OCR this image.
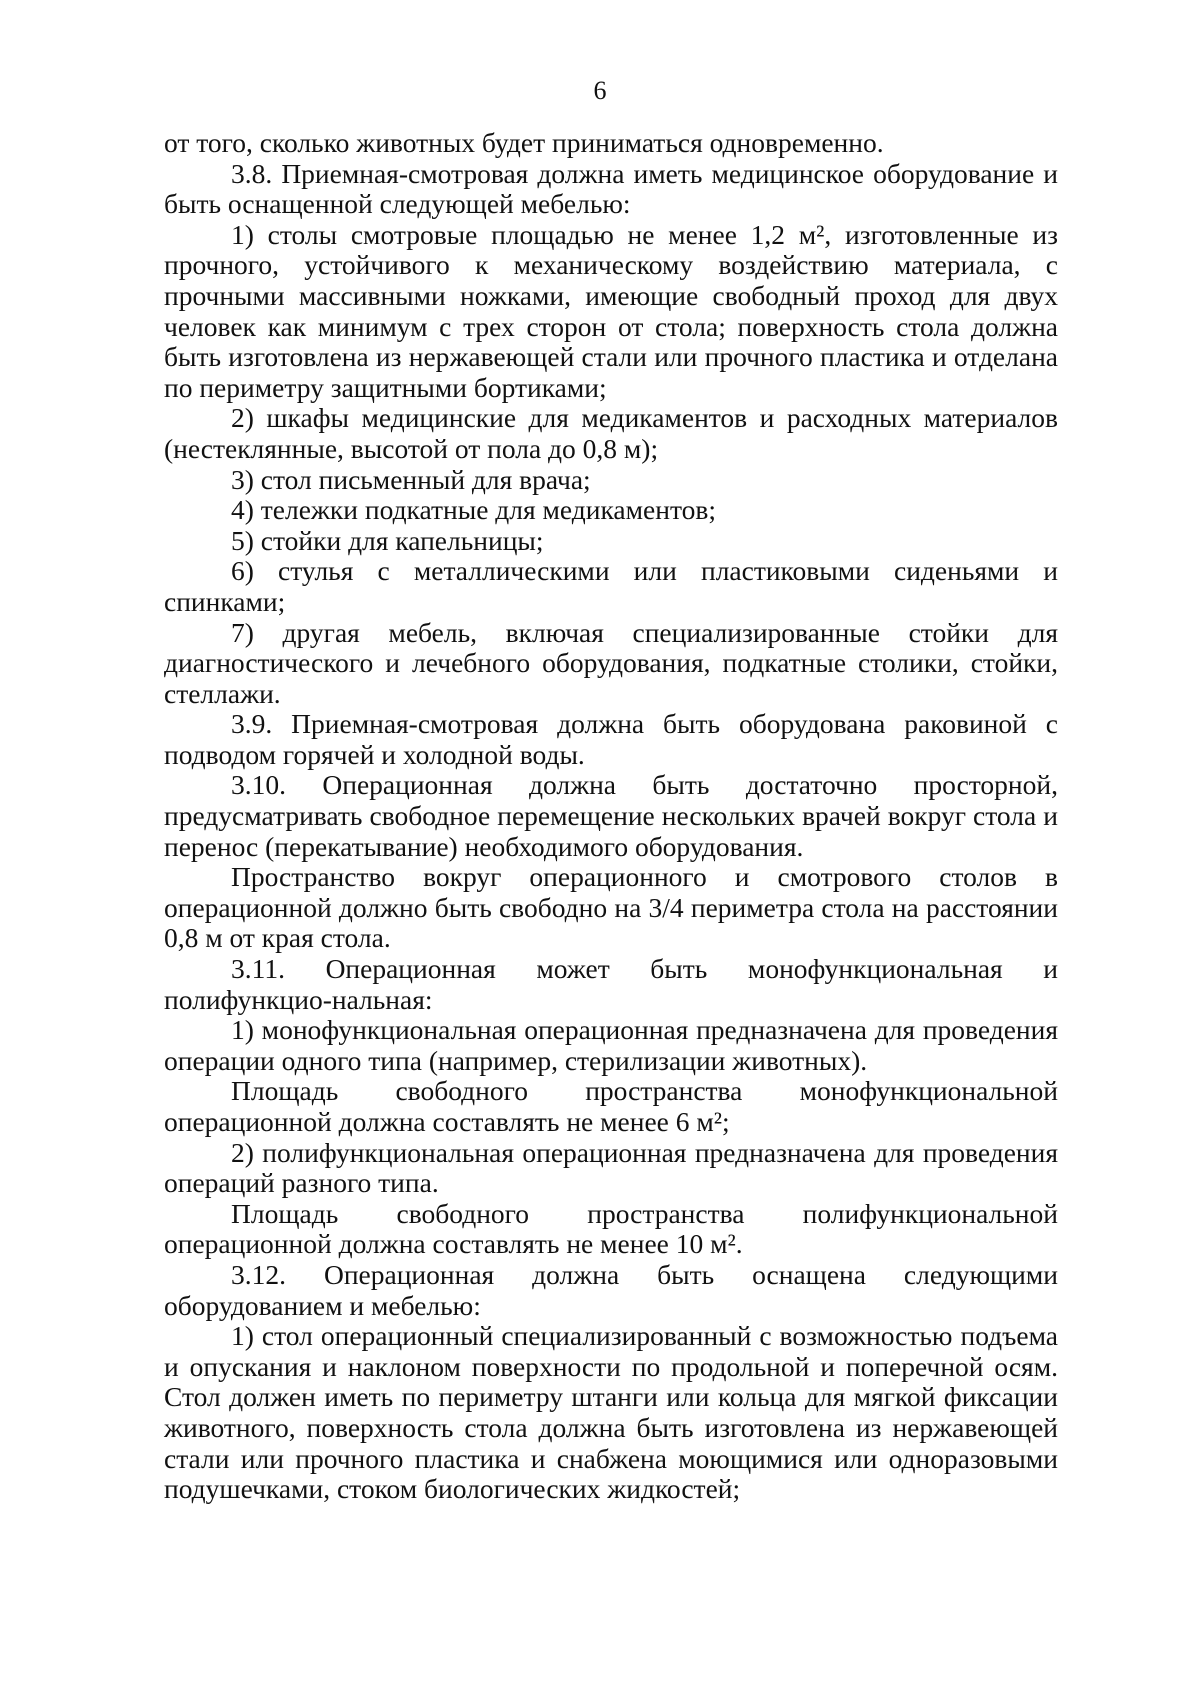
6

от того, сколько животных будет приниматься одновременно.

3.8. Приемная-смотровая должна иметь медицинское оборудование и быть оснащенной следующей мебелью:

1) столы смотровые площадью не менее 1,2 м², изготовленные из прочного, устойчивого к механическому воздействию материала, с прочными массивными ножками, имеющие свободный проход для двух человек как минимум с трех сторон от стола; поверхность стола должна быть изготовлена из нержавеющей стали или прочного пластика и отделана по периметру защитными бортиками;

2) шкафы медицинские для медикаментов и расходных материалов (нестеклянные, высотой от пола до 0,8 м);

3) стол письменный для врача;

4) тележки подкатные для медикаментов;

5) стойки для капельницы;

6) стулья с металлическими или пластиковыми сиденьями и спинками;

7) другая мебель, включая специализированные стойки для диагностического и лечебного оборудования, подкатные столики, стойки, стеллажи.

3.9. Приемная-смотровая должна быть оборудована раковиной с подводом горячей и холодной воды.

3.10. Операционная должна быть достаточно просторной, предусматривать свободное перемещение нескольких врачей вокруг стола и перенос (перекатывание) необходимого оборудования.

Пространство вокруг операционного и смотрового столов в операционной должно быть свободно на 3/4 периметра стола на расстоянии 0,8 м от края стола.

3.11. Операционная может быть монофункциональная и полифункцио-нальная:

1) монофункциональная операционная предназначена для проведения операции одного типа (например, стерилизации животных).

Площадь свободного пространства монофункциональной операционной должна составлять не менее 6 м²;

2) полифункциональная операционная предназначена для проведения операций разного типа.

Площадь свободного пространства полифункциональной операционной должна составлять не менее 10 м².

3.12. Операционная должна быть оснащена следующими оборудованием и мебелью:

1) стол операционный специализированный с возможностью подъема и опускания и наклоном поверхности по продольной и поперечной осям. Стол должен иметь по периметру штанги или кольца для мягкой фиксации животного, поверхность стола должна быть изготовлена из нержавеющей стали или прочного пластика и снабжена моющимися или одноразовыми подушечками, стоком биологических жидкостей;
